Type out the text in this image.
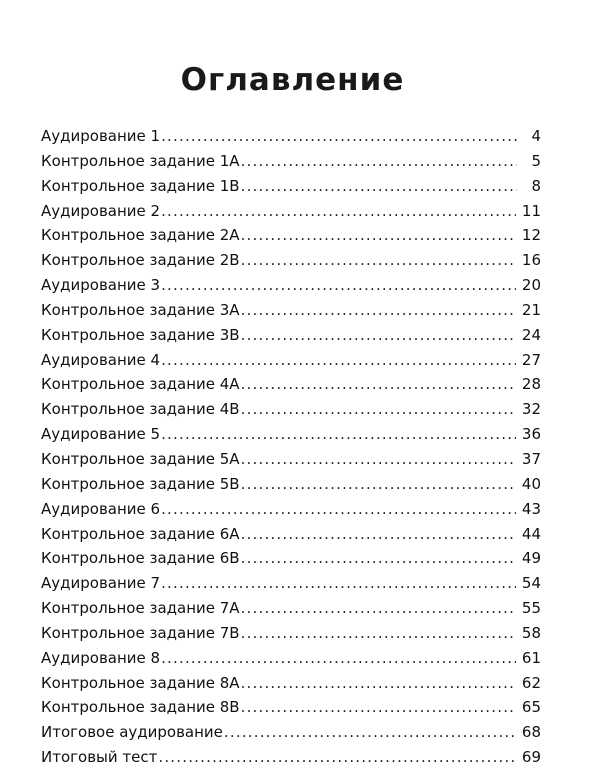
Оглавление
Аудирование 1 .....	4
Контрольное задание 1А .....	5
Контрольное задание 1В .....	8
Аудирование 2 .....	11
Контрольное задание 2А .....	12
Контрольное задание 2В .....	16
Аудирование 3 .....	20
Контрольное задание 3А .....	21
Контрольное задание 3В .....	24
Аудирование 4 .....	27
Контрольное задание 4А .....	28
Контрольное задание 4В .....	32
Аудирование 5 .....	36
Контрольное задание 5А .....	37
Контрольное задание 5В .....	40
Аудирование 6 .....	43
Контрольное задание 6А .....	44
Контрольное задание 6В .....	49
Аудирование 7 .....	54
Контрольное задание 7А .....	55
Контрольное задание 7В .....	58
Аудирование 8 .....	61
Контрольное задание 8А .....	62
Контрольное задание 8В .....	65
Итоговое аудирование .....	68
Итоговый тест .....	69
